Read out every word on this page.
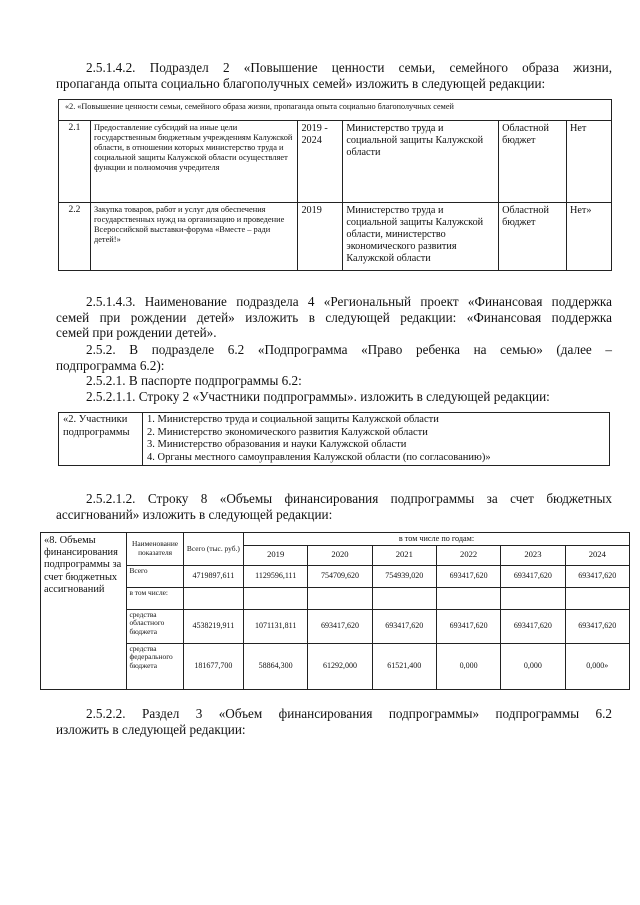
2.5.1.4.2. Подраздел 2 «Повышение ценности семьи, семейного образа жизни,
пропаганда опыта социально благополучных семей» изложить в следующей редакции:

«2. «Повышение ценности семьи, семейного образа жизни, пропаганда опыта социально благополучных семей					
2.1	Предоставление субсидий на иные цели государственным бюджетным учреждениям Калужской области, в отношении которых министерство труда и социальной защиты Калужской области осуществляет функции и полномочия учредителя	2019 - 2024	Министерство труда и социальной защиты Калужской области	Областной бюджет	Нет
2.2	Закупка товаров, работ и услуг для обеспечения государственных нужд на организацию и проведение Всероссийской выставки-форума «Вместе – ради детей!»	2019	Министерство труда и социальной защиты Калужской области, министерство экономического развития Калужской области	Областной бюджет	Нет»

2.5.1.4.3. Наименование подраздела 4 «Региональный проект «Финансовая поддержка
семей при рождении детей» изложить в следующей редакции: «Финансовая поддержка
семей при рождении детей».

2.5.2. В подразделе 6.2 «Подпрограмма «Право ребенка на семью» (далее –
подпрограмма 6.2):

2.5.2.1. В паспорте подпрограммы 6.2:

2.5.2.1.1. Строку 2 «Участники подпрограммы». изложить в следующей редакции:

«2. Участники подпрограммы	
1. Министерство труда и социальной защиты Калужской области
2. Министерство экономического развития Калужской области
3. Министерство образования и науки Калужской области
4. Органы местного самоуправления Калужской области (по согласованию)»

2.5.2.1.2. Строку 8 «Объемы финансирования подпрограммы за счет бюджетных
ассигнований» изложить в следующей редакции:

«8. Объемы финансирования подпрограммы за счет бюджетных ассигнований	Наименование показателя	Всего (тыс. руб.)	в том числе по годам:					
			2019	2020	2021	2022	2023	2024
	Всего	4719897,611	1129596,111	754709,620	754939,020	693417,620	693417,620	693417,620
	в том числе:							
	средства областного бюджета	4538219,911	1071131,811	693417,620	693417,620	693417,620	693417,620	693417,620
	средства федерального бюджета	181677,700	58864,300	61292,000	61521,400	0,000	0,000	0,000»

2.5.2.2. Раздел 3 «Объем финансирования подпрограммы» подпрограммы 6.2
изложить в следующей редакции:
